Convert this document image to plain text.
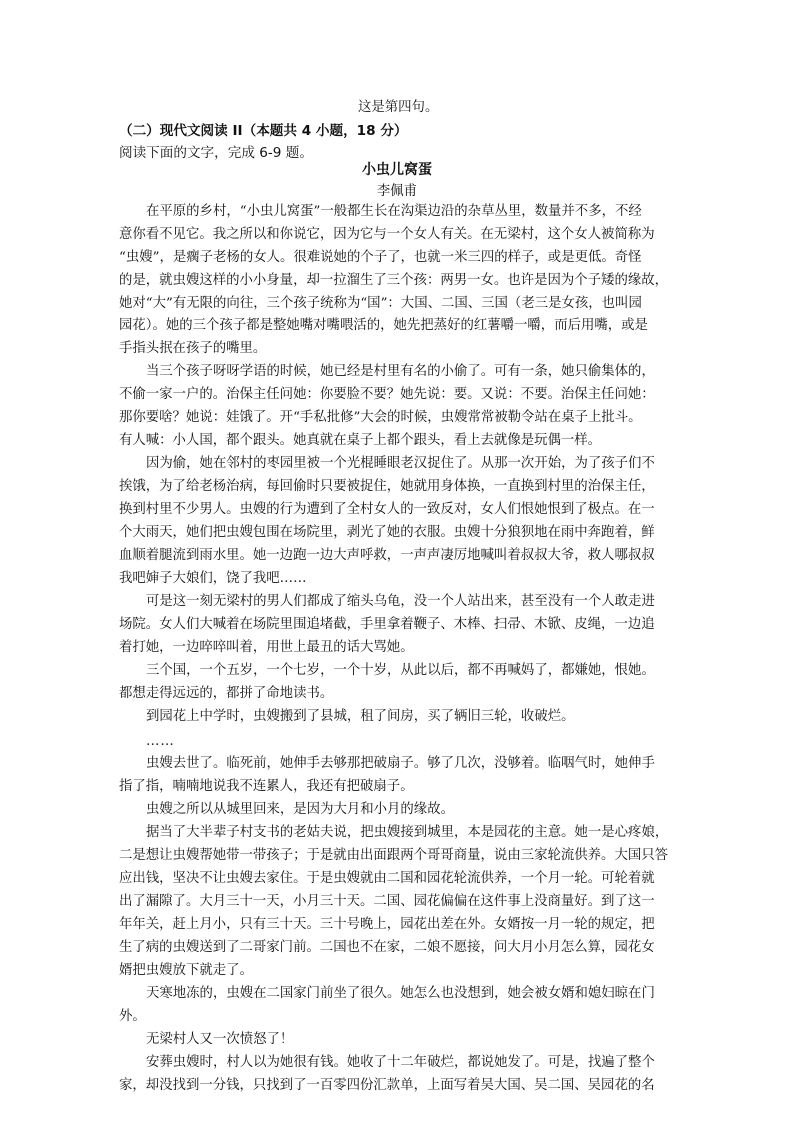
这是第四句。
（二）现代文阅读 II（本题共 4 小题，18 分）
阅读下面的文字，完成 6-9 题。
小虫儿窝蛋
李佩甫
在平原的乡村，“小虫儿窝蛋”一般都生长在沟渠边沿的杂草丛里，数量并不多，不经
意你看不见它。我之所以和你说它，因为它与一个女人有关。在无梁村，这个女人被简称为
“虫嫂”，是瘸子老杨的女人。很难说她的个子了，也就一米三四的样子，或是更低。奇怪
的是，就虫嫂这样的小小身量，却一拉溜生了三个孩：两男一女。也许是因为个子矮的缘故，
她对“大”有无限的向往，三个孩子统称为“国”：大国、二国、三国（老三是女孩，也叫园
园花）。她的三个孩子都是整她嘴对嘴喂活的，她先把蒸好的红薯嚼一嚼，而后用嘴，或是
手指头抿在孩子的嘴里。
当三个孩子呀呀学语的时候，她已经是村里有名的小偷了。可有一条，她只偷集体的，
不偷一家一户的。治保主任问她：你要脸不要？她先说：要。又说：不要。治保主任问她：
那你要啥？她说：娃饿了。开“手私批修”大会的时候，虫嫂常常被勒令站在桌子上批斗。
有人喊：小人国，都个跟头。她真就在桌子上都个跟头，看上去就像是玩偶一样。
因为偷，她在邻村的枣园里被一个光棍睡眼老汉捉住了。从那一次开始，为了孩子们不
挨饿，为了给老杨治病，每回偷时只要被捉住，她就用身体换，一直换到村里的治保主任，
换到村里不少男人。虫嫂的行为遭到了全村女人的一致反对，女人们恨她恨到了极点。在一
个大雨天，她们把虫嫂包围在场院里，剥光了她的衣服。虫嫂十分狼狈地在雨中奔跑着，鲜
血顺着腿流到雨水里。她一边跑一边大声呼救，一声声凄厉地喊叫着叔叔大爷，救人哪叔叔
我吧婶子大娘们，饶了我吧……
可是这一刻无梁村的男人们都成了缩头乌龟，没一个人站出来，甚至没有一个人敢走进
场院。女人们大喊着在场院里围追堵截，手里拿着鞭子、木棒、扫帚、木锨、皮绳，一边追
着打她，一边啐啐叫着，用世上最丑的话大骂她。
三个国，一个五岁，一个七岁，一个十岁，从此以后，都不再喊妈了，都嫌她，恨她。
都想走得远远的，都拼了命地读书。
到园花上中学时，虫嫂搬到了县城，租了间房，买了辆旧三轮，收破烂。
……
虫嫂去世了。临死前，她伸手去够那把破扇子。够了几次，没够着。临咽气时，她伸手
指了指，喃喃地说我不连累人，我还有把破扇子。
虫嫂之所以从城里回来，是因为大月和小月的缘故。
据当了大半辈子村支书的老姑夫说，把虫嫂接到城里，本是园花的主意。她一是心疼娘，
二是想让虫嫂帮她带一带孩子；于是就由出面跟两个哥哥商量，说由三家轮流供养。大国只答
应出钱，坚决不让虫嫂去家住。于是虫嫂就由二国和园花轮流供养，一个月一轮。可轮着就
出了漏隙了。大月三十一天，小月三十天。二国、园花偏偏在这件事上没商量好。到了这一
年年关，赶上月小，只有三十天。三十号晚上，园花出差在外。女婿按一月一轮的规定，把
生了病的虫嫂送到了二哥家门前。二国也不在家，二娘不愿接，问大月小月怎么算，园花女
婿把虫嫂放下就走了。
天寒地冻的，虫嫂在二国家门前坐了很久。她怎么也没想到，她会被女婿和媳妇晾在门
外。
无梁村人又一次愤怒了！
安葬虫嫂时，村人以为她很有钱。她收了十二年破烂，都说她发了。可是，找遍了整个
家，却没找到一分钱，只找到了一百零四份汇款单，上面写着吴大国、吴二国、吴园花的名
